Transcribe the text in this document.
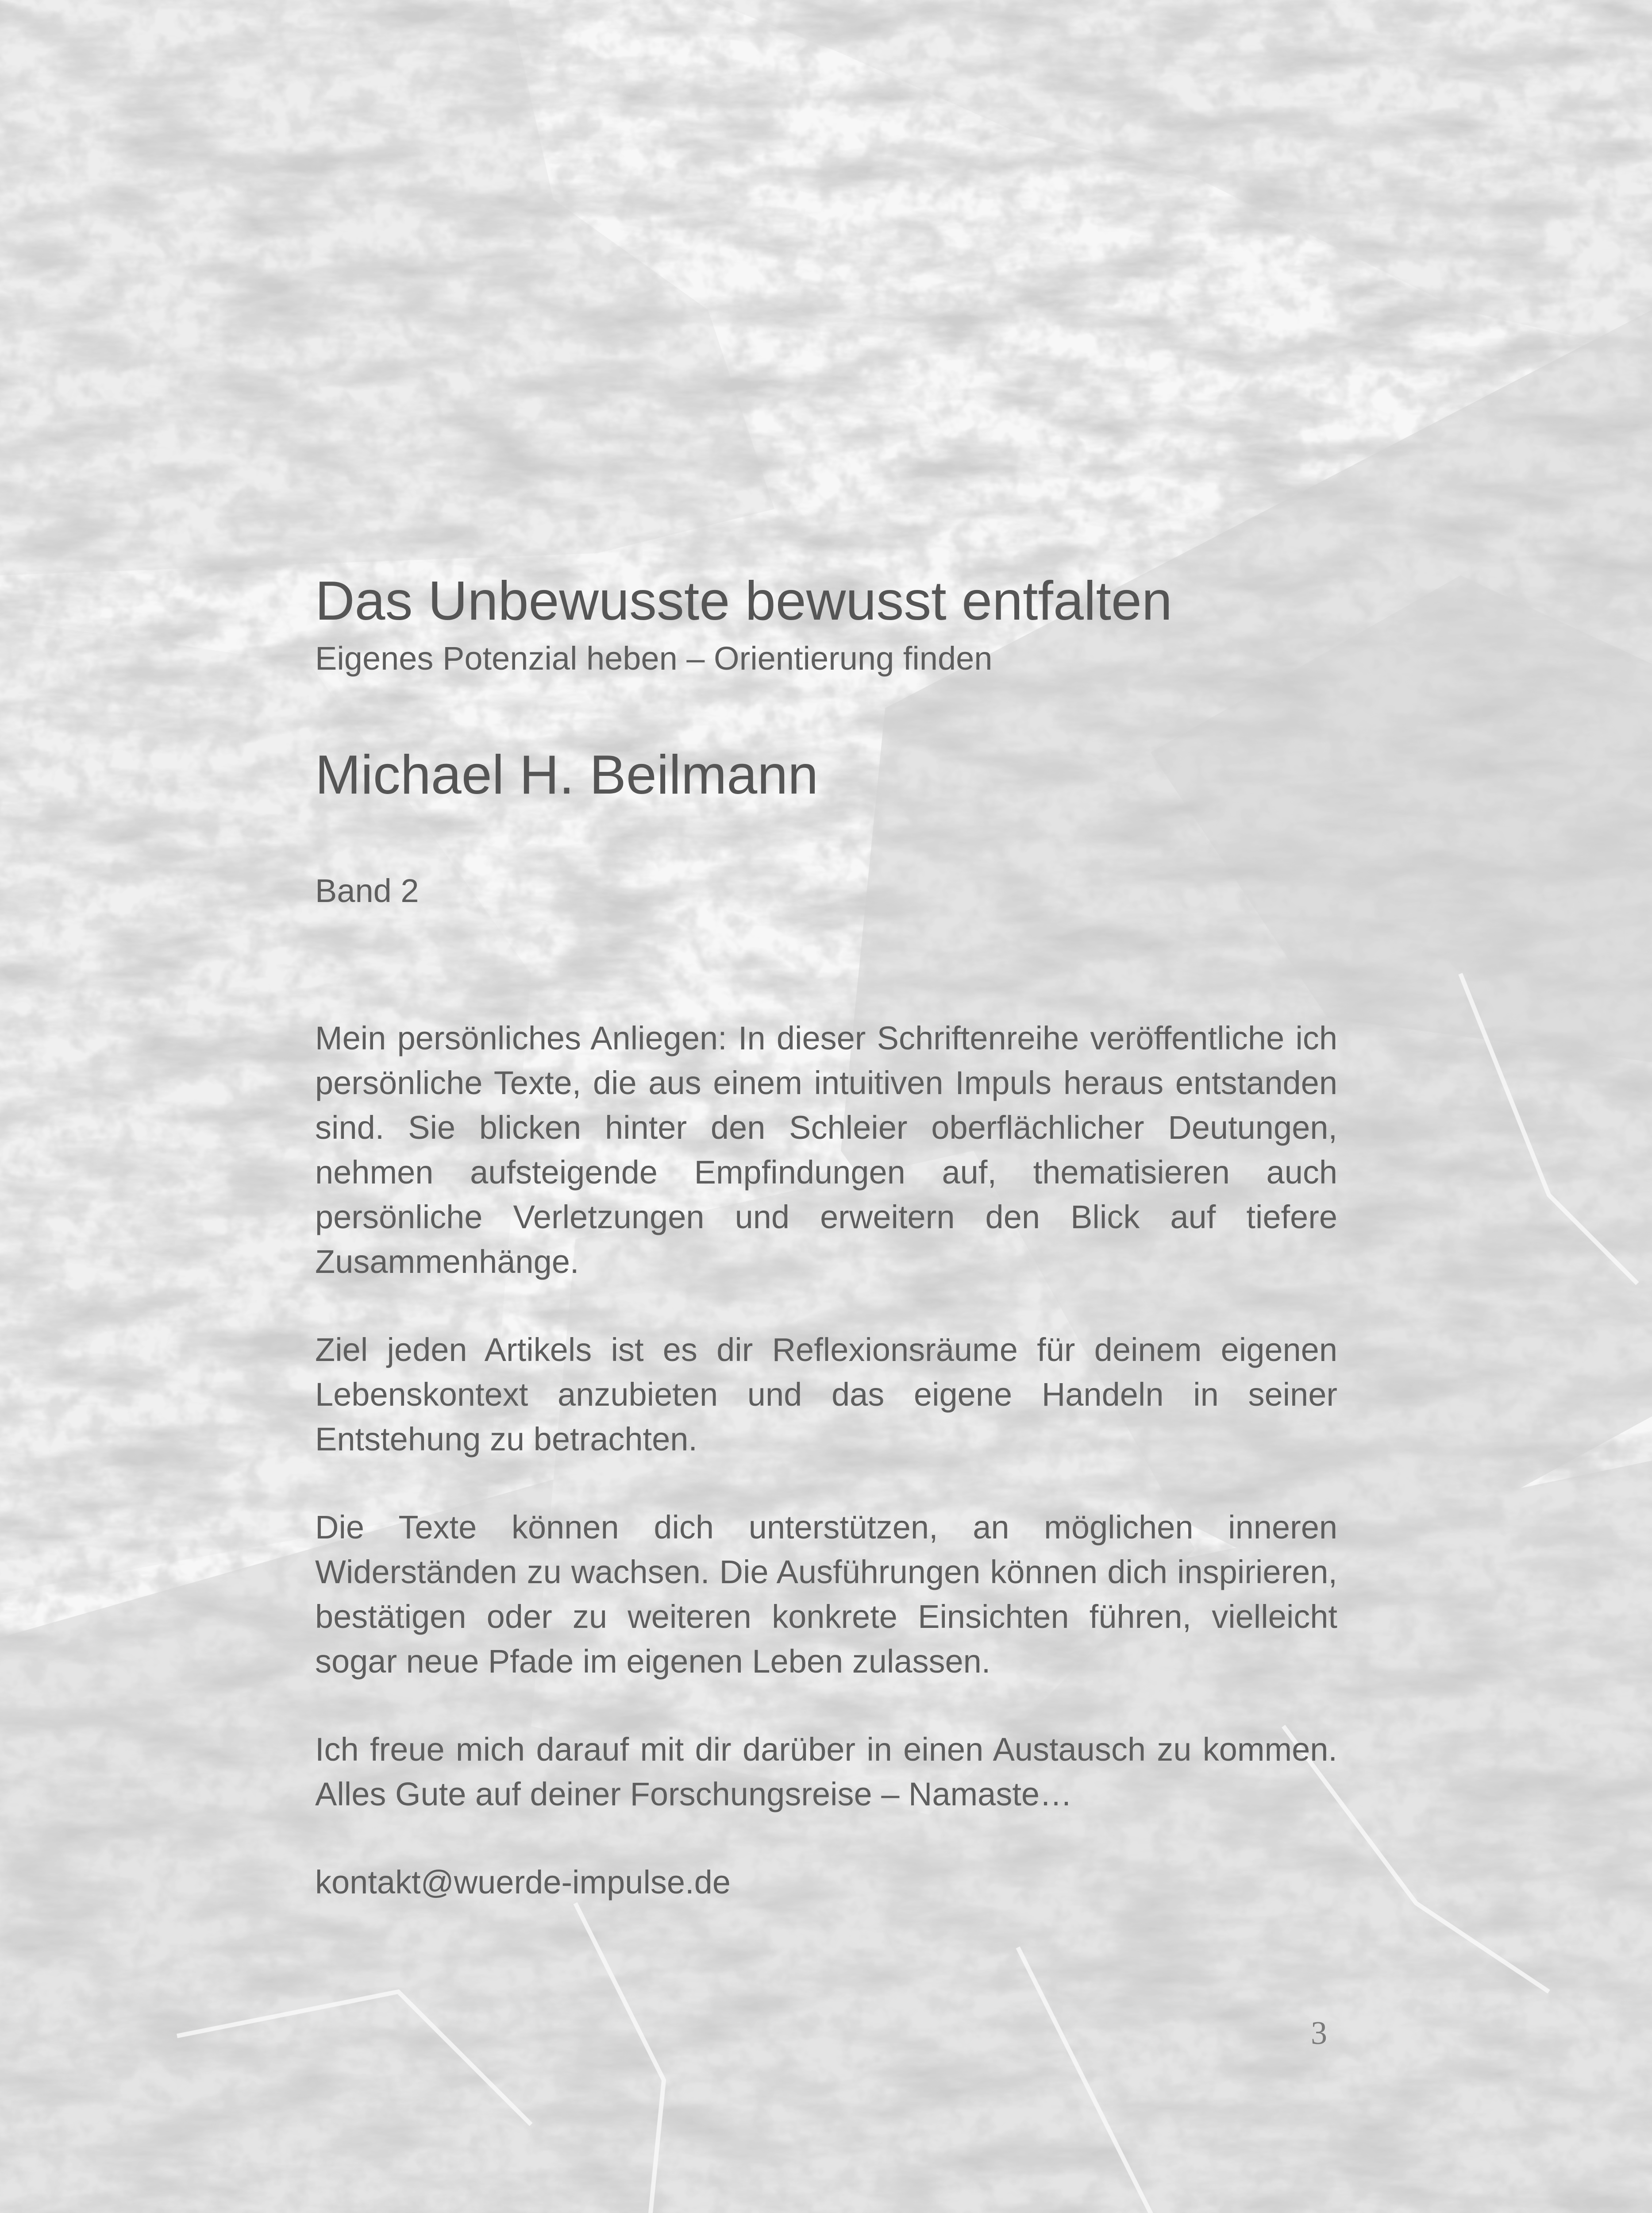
Das Unbewusste bewusst entfalten

Eigenes Potenzial heben – Orientierung finden

Michael H. Beilmann

Band 2

Mein persönliches Anliegen: In dieser Schriftenreihe veröffentliche ich persönliche Texte, die aus einem intuitiven Impuls heraus entstanden sind. Sie blicken hinter den Schleier oberflächlicher Deutungen, nehmen aufsteigende Empfindungen auf, thematisieren auch persönliche Verletzungen und erweitern den Blick auf tiefere Zusammenhänge.

Ziel jeden Artikels ist es dir Reflexionsräume für deinem eigenen Lebenskontext anzubieten und das eigene Handeln in seiner Entstehung zu betrachten.

Die Texte können dich unterstützen, an möglichen inneren Widerständen zu wachsen. Die Ausführungen können dich inspirieren, bestätigen oder zu weiteren konkrete Einsichten führen, vielleicht sogar neue Pfade im eigenen Leben zulassen.

Ich freue mich darauf mit dir darüber in einen Austausch zu kommen. Alles Gute auf deiner Forschungsreise – Namaste…

kontakt@wuerde-impulse.de

3
